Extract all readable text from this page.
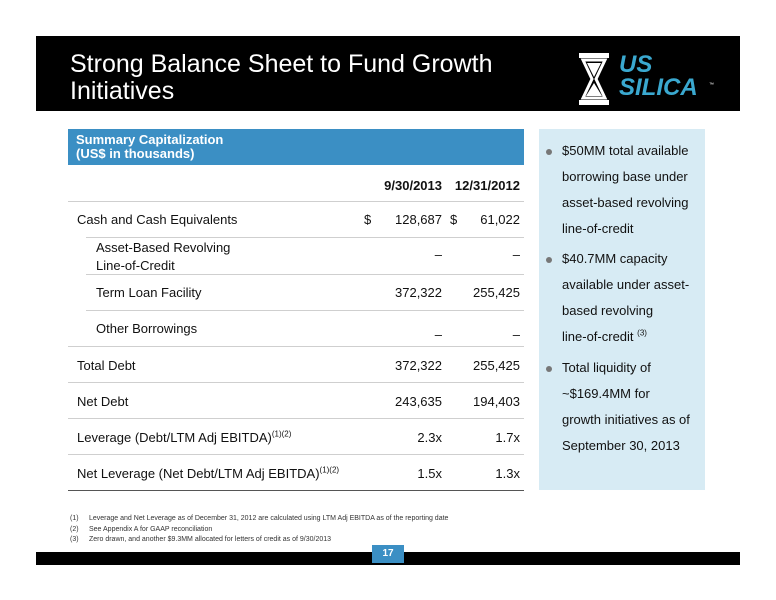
Strong Balance Sheet to Fund Growth Initiatives
US
SILICA ™
Summary Capitalization
(US$ in thousands)
9/30/2013 12/31/2012
Cash and Cash Equivalents	$ 128,687 $ 61,022
Asset-Based Revolving
Line-of-Credit
–	–
Term Loan Facility	372,322 255,425
Other Borrowings	–	–
Total Debt	372,322 255,425
Net Debt	243,635 194,403
Leverage (Debt/LTM Adj EBITDA)$^{(1)(2)}$	2.3x	1.7x
Net Leverage (Net Debt/LTM Adj EBITDA)$^{(1)(2)}$	1.5x	1.3x
$50MM total available
borrowing base under
asset-based revolving
line-of-credit
$40.7MM capacity
available under asset-
based revolving
line-of-credit $^{(3)}$
Total liquidity of
~$169.4MM for
growth initiatives as of
September 30, 2013
(1) Leverage and Net Leverage as of December 31, 2012 are calculated using LTM Adj EBITDA as of the reporting date
(2) See Appendix A for GAAP reconciliation
(3) Zero drawn, and another $9.3MM allocated for letters of credit as of 9/30/2013
17
